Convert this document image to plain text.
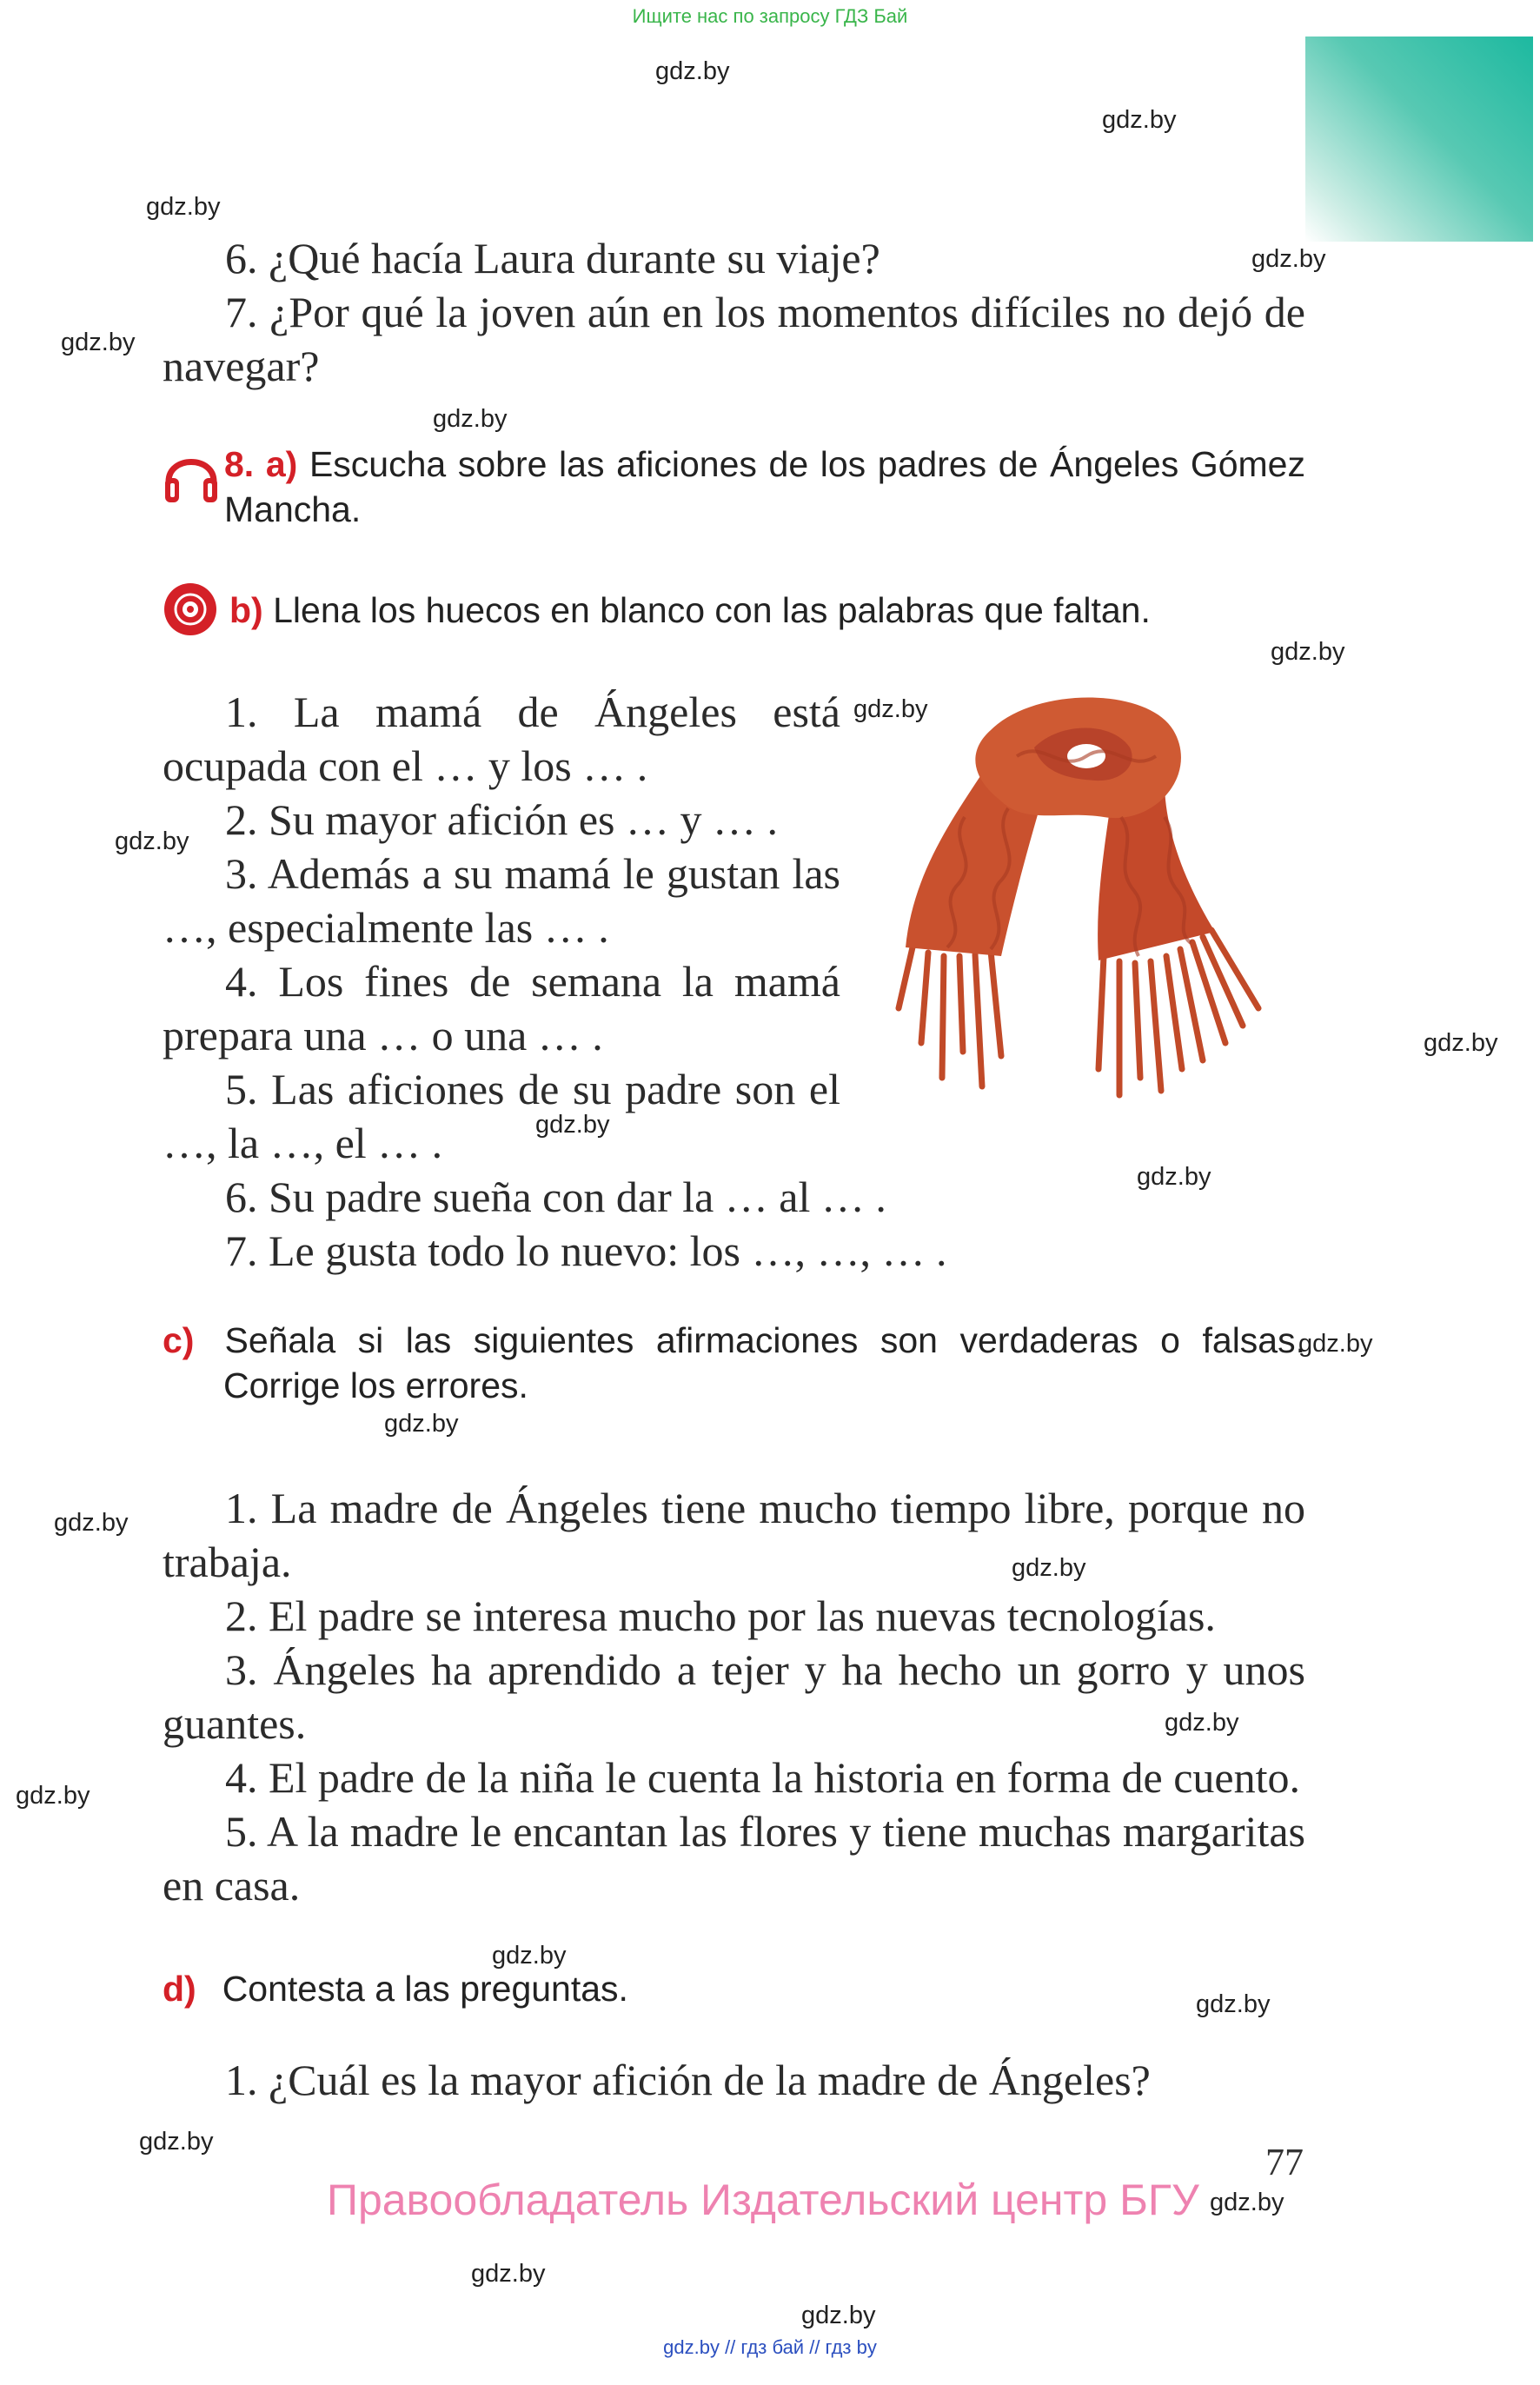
Ищите нас по запросу ГДЗ Бай
gdz.by
gdz.by
gdz.by
gdz.by
gdz.by
gdz.by
gdz.by
gdz.by
gdz.by
gdz.by
gdz.by
gdz.by
gdz.by
gdz.by
gdz.by
gdz.by
gdz.by
gdz.by
gdz.by
gdz.by
gdz.by
gdz.by
gdz.by
gdz.by
6. ¿Qué hacía Laura durante su viaje?
7. ¿Por qué la joven aún en los momentos difíciles no dejó de navegar?
8. a) Escucha sobre las aficiones de los padres de Ángeles Gómez Mancha.
b) Llena los huecos en blanco con las palabras que faltan.
1. La mamá de Ángeles está ocupada con el … y los … .
2. Su mayor afición es … y … .
3. Además a su mamá le gustan las …, especialmente las … .
4. Los fines de semana la mamá prepara una … o una … .
5. Las aficiones de su padre son el …, la …, el … .
6. Su padre sueña con dar la … al … .
7. Le gusta todo lo nuevo: los …, …, … .
c) Señala si las siguientes afirmaciones son verdaderas o falsas. Corrige los errores.
1. La madre de Ángeles tiene mucho tiempo libre, porque no trabaja.
2. El padre se interesa mucho por las nuevas tecnologías.
3. Ángeles ha aprendido a tejer y ha hecho un gorro y unos guantes.
4. El padre de la niña le cuenta la historia en forma de cuento.
5. A la madre le encantan las flores y tiene muchas margaritas en casa.
d) Contesta a las preguntas.
1. ¿Cuál es la mayor afición de la madre de Ángeles?
77
Правообладатель Издательский центр БГУ
gdz.by // гдз бай // гдз by
